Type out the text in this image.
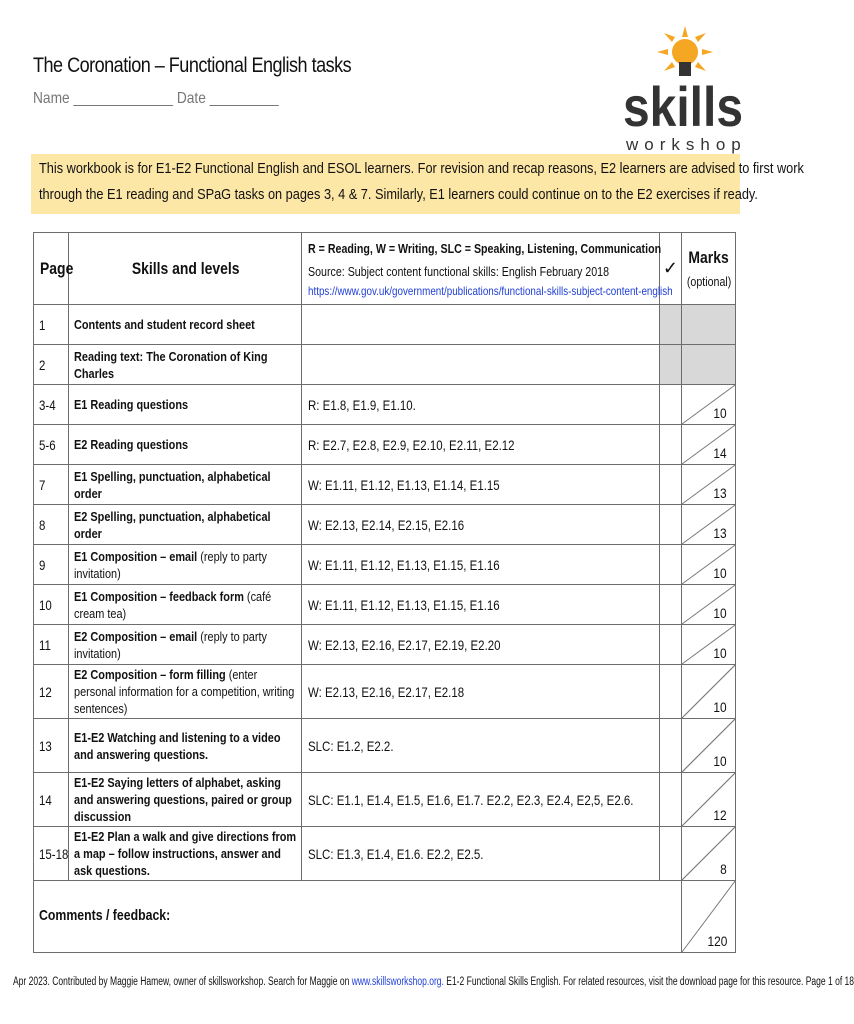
The Coronation – Functional English tasks
Name _____________ Date _________	skills
workshop

This workbook is for E1-E2 Functional English and ESOL learners. For revision and recap reasons, E2 learners are advised to first work

through the E1 reading and SPaG tasks on pages 3, 4 & 7. Similarly, E1 learners could continue on to the E2 exercises if ready.

Page	Skills and levels	R = Reading, W = Writing, SLC = Speaking, Listening, Communication
Source: Subject content functional skills: English February 2018
https://www.gov.uk/government/publications/functional-skills-subject-content-english	✓	Marks
(optional)

1	Contents and student record sheet			

2	Reading text: The Coronation of King Charles			

3-4	E1 Reading questions	R: E1.8, E1.9, E1.10.		10

5-6	E2 Reading questions	R: E2.7, E2.8, E2.9, E2.10, E2.11, E2.12		14

7	E1 Spelling, punctuation, alphabetical order	W: E1.11, E1.12, E1.13, E1.14, E1.15		13

8	E2 Spelling, punctuation, alphabetical order	W: E2.13, E2.14, E2.15, E2.16		13

9	E1 Composition – email (reply to party invitation)	W: E1.11, E1.12, E1.13, E1.15, E1.16		10

10	E1 Composition – feedback form (café cream tea)	W: E1.11, E1.12, E1.13, E1.15, E1.16		10

11	E2 Composition – email (reply to party invitation)	W: E2.13, E2.16, E2.17, E2.19, E2.20		10

12	E2 Composition – form filling (enter personal information for a competition, writing sentences)	W: E2.13, E2.16, E2.17, E2.18		10

13	E1-E2 Watching and listening to a video and answering questions.	SLC: E1.2, E2.2.		10

14	E1-E2 Saying letters of alphabet, asking and answering questions, paired or group discussion	SLC: E1.1, E1.4, E1.5, E1.6, E1.7. E2.2, E2.3, E2.4, E2,5, E2.6.		12

15-18	E1-E2 Plan a walk and give directions from a map – follow instructions, answer and ask questions.	SLC: E1.3, E1.4, E1.6. E2.2, E2.5.		8

Comments / feedback:				120
Apr 2023. Contributed by Maggie Hamew, owner of skillsworkshop. Search for Maggie on www.skillsworkshop.org. E1-2 Functional Skills English. For related resources, visit the download page for this resource. Page 1 of 18
